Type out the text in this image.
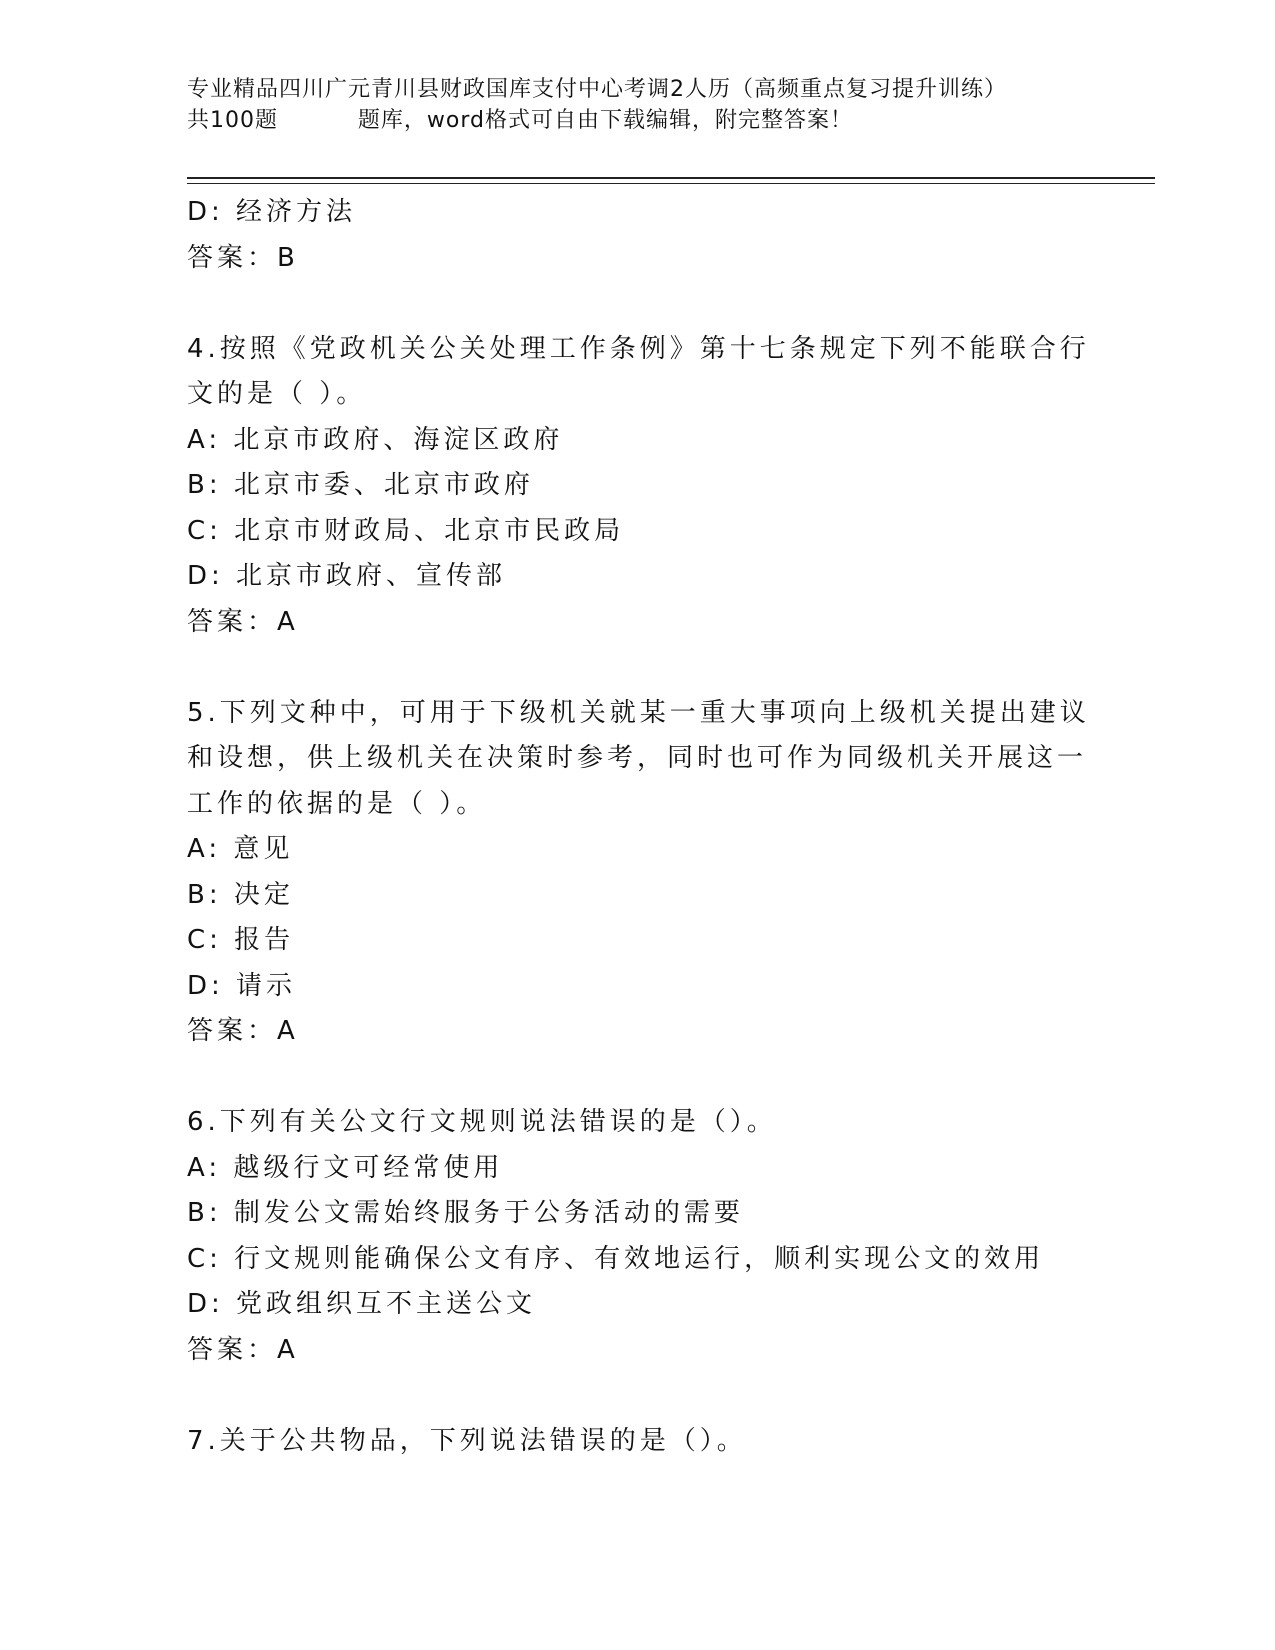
专业精品四川广元青川县财政国库支付中心考调2人历（高频重点复习提升训练）
共100题          题库，word格式可自由下载编辑，附完整答案！
D: 经济方法
答案：B
4.按照《党政机关公关处理工作条例》第十七条规定下列不能联合行
文的是（ ）。
A: 北京市政府、海淀区政府
B: 北京市委、北京市政府
C: 北京市财政局、北京市民政局
D: 北京市政府、宣传部
答案：A
5.下列文种中，可用于下级机关就某一重大事项向上级机关提出建议
和设想，供上级机关在决策时参考，同时也可作为同级机关开展这一
工作的依据的是（ ）。
A: 意见
B: 决定
C: 报告
D: 请示
答案：A
6.下列有关公文行文规则说法错误的是（）。
A: 越级行文可经常使用
B: 制发公文需始终服务于公务活动的需要
C: 行文规则能确保公文有序、有效地运行，顺利实现公文的效用
D: 党政组织互不主送公文
答案：A
7.关于公共物品，下列说法错误的是（）。
